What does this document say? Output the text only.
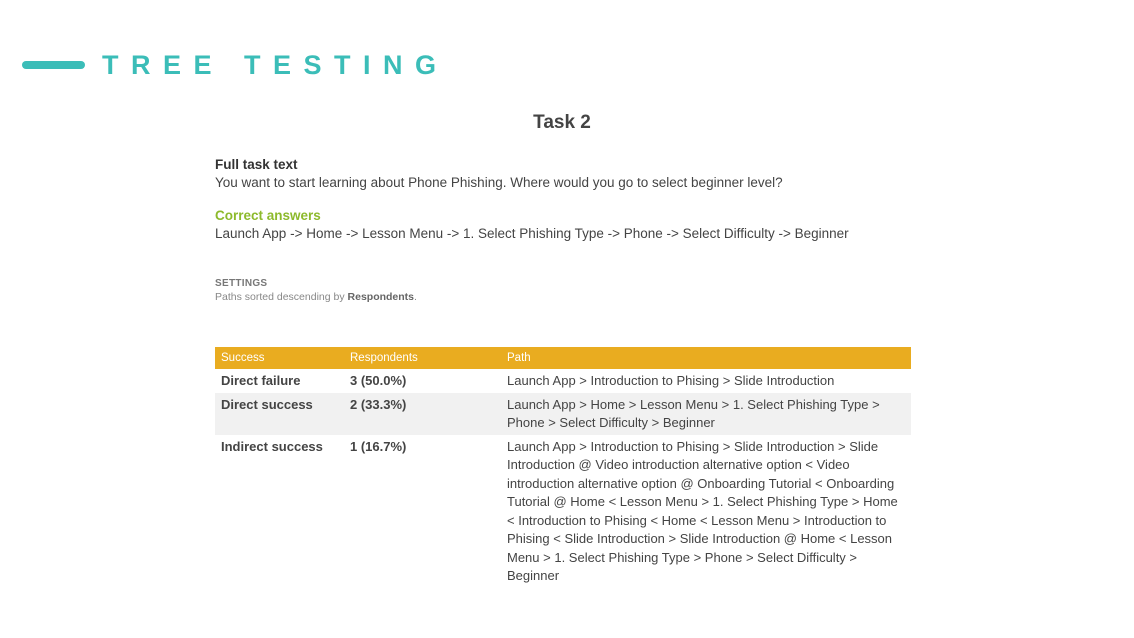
TREE TESTING
Task 2
Full task text
You want to start learning about Phone Phishing. Where would you go to select beginner level?
Correct answers
Launch App -> Home -> Lesson Menu -> 1. Select Phishing Type -> Phone -> Select Difficulty -> Beginner
SETTINGS
Paths sorted descending by Respondents.
Success	Respondents	Path
Direct failure	3 (50.0%)	Launch App > Introduction to Phising > Slide Introduction
Direct success	2 (33.3%)	Launch App > Home > Lesson Menu > 1. Select Phishing Type > Phone > Select Difficulty > Beginner
Indirect success	1 (16.7%)	Launch App > Introduction to Phising > Slide Introduction > Slide Introduction @ Video introduction alternative option < Video introduction alternative option @ Onboarding Tutorial < Onboarding Tutorial @ Home < Lesson Menu > 1. Select Phishing Type > Home < Introduction to Phising < Home < Lesson Menu > Introduction to Phising < Slide Introduction > Slide Introduction @ Home < Lesson Menu > 1. Select Phishing Type > Phone > Select Difficulty > Beginner
